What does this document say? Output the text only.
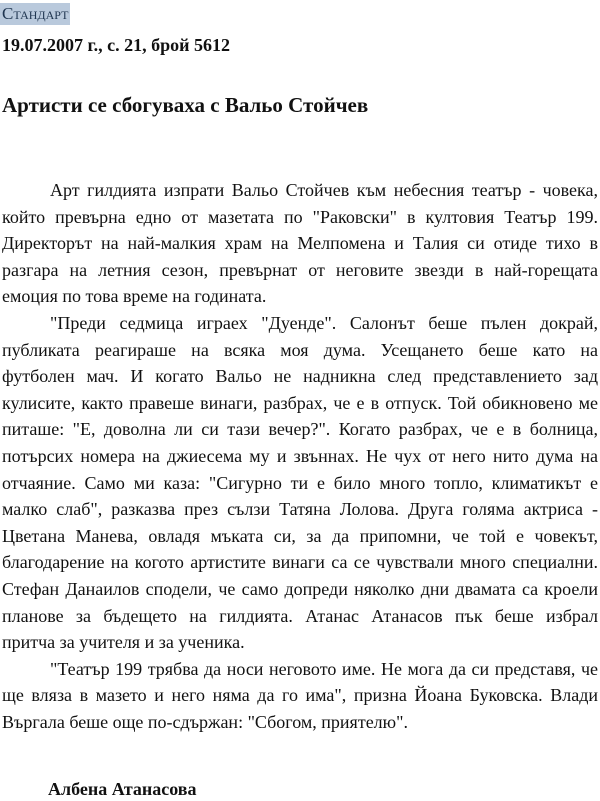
Стандарт
19.07.2007 г., с. 21, брой 5612
Артисти се сбогуваха с Вальо Стойчев
Арт гилдията изпрати Вальо Стойчев към небесния театър - човека,
който превърна едно от мазетата по "Раковски" в култовия Театър 199.
Директорът на най-малкия храм на Мелпомена и Талия си отиде тихо в
разгара на летния сезон, превърнат от неговите звезди в най-горещата
емоция по това време на годината.
"Преди седмица играех "Дуенде". Салонът беше пълен докрай,
публиката реагираше на всяка моя дума. Усещането беше като на
футболен мач. И когато Вальо не надникна след представлението зад
кулисите, както правеше винаги, разбрах, че е в отпуск. Той обикновено ме
питаше: "Е, доволна ли си тази вечер?". Когато разбрах, че е в болница,
потърсих номера на джиесема му и звъннах. Не чух от него нито дума на
отчаяние. Само ми каза: "Сигурно ти е било много топло, климатикът е
малко слаб", разказва през сълзи Татяна Лолова. Друга голяма актриса -
Цветана Манева, овладя мъката си, за да припомни, че той е човекът,
благодарение на когото артистите винаги са се чувствали много специални.
Стефан Данаилов сподели, че само допреди няколко дни двамата са кроели
планове за бъдещето на гилдията. Атанас Атанасов пък беше избрал
притча за учителя и за ученика.
"Театър 199 трябва да носи неговото име. Не мога да си представя, че
ще вляза в мазето и него няма да го има", призна Йоана Буковска. Влади
Въргала беше още по-сдържан: "Сбогом, приятелю".
Албена Атанасова
